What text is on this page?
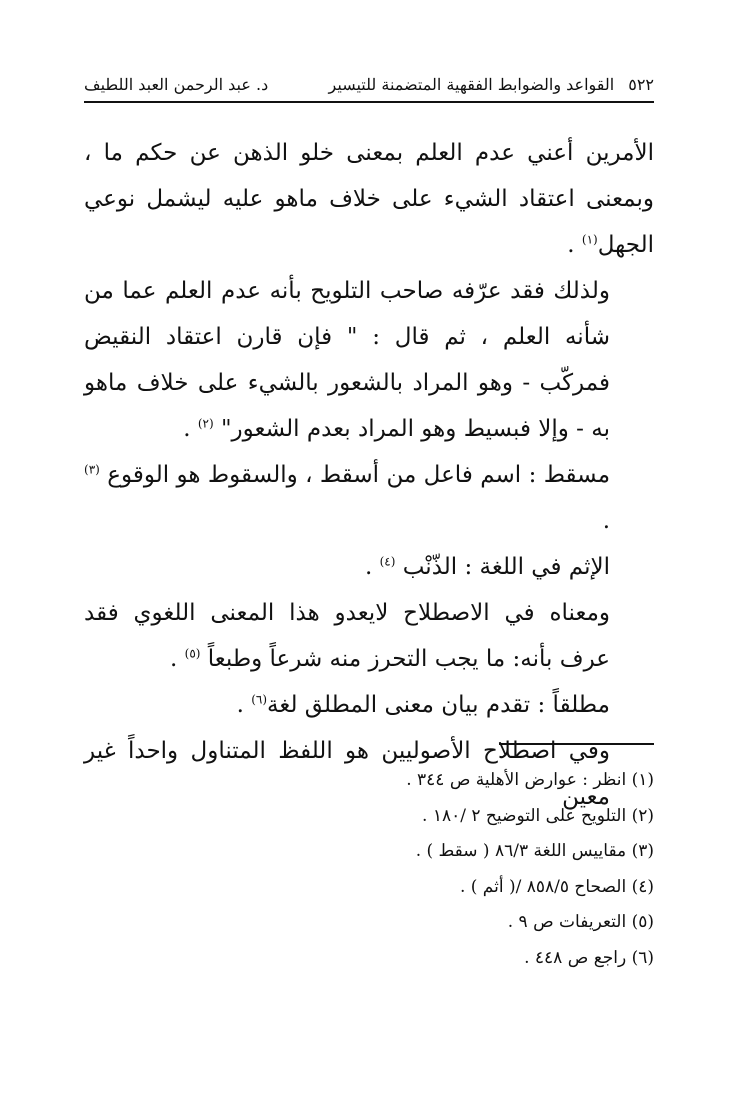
٥٢٢
القواعد والضوابط الفقهية المتضمنة للتيسير
د. عبد الرحمن العبد اللطيف

الأمرين أعني عدم العلم بمعنى خلو الذهن عن حكم ما ، وبمعنى اعتقاد الشيء على خلاف ماهو عليه ليشمل نوعي الجهل$^{(١)}$ .

ولذلك فقد عرّفه صاحب التلويح بأنه عدم العلم عما من شأنه العلم ، ثم قال : " فإن قارن اعتقاد النقيض فمركّب - وهو المراد بالشعور بالشيء على خلاف ماهو به - وإلا فبسيط وهو المراد بعدم الشعور" $^{(٢)}$ .

مسقط : اسم فاعل من أسقط ، والسقوط هو الوقوع $^{(٣)}$ .

الإثم في اللغة : الذّنْب $^{(٤)}$ .

ومعناه في الاصطلاح لايعدو هذا المعنى اللغوي فقد عرف بأنه: ما يجب التحرز منه شرعاً وطبعاً $^{(٥)}$ .

مطلقاً : تقدم بيان معنى المطلق لغة$^{(٦)}$ .

وفي اصطلاح الأصوليين هو اللفظ المتناول واحداً غير معين

(١) انظر : عوارض الأهلية ص ٣٤٤ .
(٢) التلويح على التوضيح ٢ /١٨٠ .
(٣) مقاييس اللغة ٨٦/٣ ( سقط ) .
(٤) الصحاح ٨٥٨/٥ /( أثم ) .
(٥) التعريفات ص ٩ .
(٦) راجع ص ٤٤٨ .
